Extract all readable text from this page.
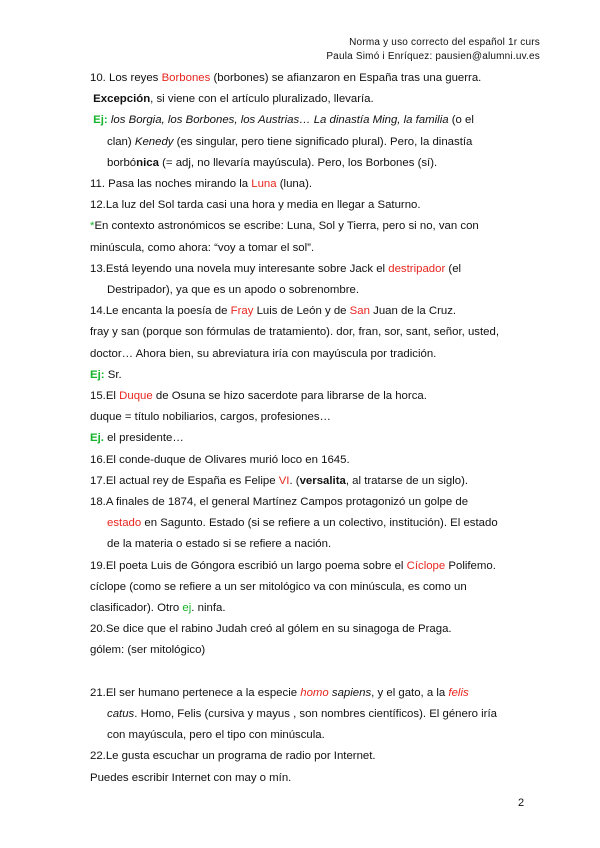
Norma y uso correcto del español 1r curs
Paula Simó i Enríquez: pausien@alumni.uv.es
10. Los reyes Borbones (borbones) se afianzaron en España tras una guerra.
Excepción, si viene con el artículo pluralizado, llevaría.
Ej: los Borgia, los Borbones, los Austrias… La dinastía Ming, la familia (o el
clan) Kenedy (es singular, pero tiene significado plural). Pero, la dinastía
borbónica (= adj, no llevaría mayúscula). Pero, los Borbones (sí).
11. Pasa las noches mirando la Luna (luna).
12.La luz del Sol tarda casi una hora y media en llegar a Saturno.
*En contexto astronómicos se escribe: Luna, Sol y Tierra, pero si no, van con
minúscula, como ahora: “voy a tomar el sol”.
13.Está leyendo una novela muy interesante sobre Jack el destripador (el
Destripador), ya que es un apodo o sobrenombre.
14.Le encanta la poesía de Fray Luis de León y de San Juan de la Cruz.
fray y san (porque son fórmulas de tratamiento). dor, fran, sor, sant, señor, usted,
doctor… Ahora bien, su abreviatura iría con mayúscula por tradición.
Ej: Sr.
15.El Duque de Osuna se hizo sacerdote para librarse de la horca.
duque = título nobiliarios, cargos, profesiones…
Ej. el presidente…
16.El conde-duque de Olivares murió loco en 1645.
17.El actual rey de España es Felipe VI. (versalita, al tratarse de un siglo).
18.A finales de 1874, el general Martínez Campos protagonizó un golpe de
estado en Sagunto. Estado (si se refiere a un colectivo, institución). El estado
de la materia o estado si se refiere a nación.
19.El poeta Luis de Góngora escribió un largo poema sobre el Cíclope Polifemo.
cíclope (como se refiere a un ser mitológico va con minúscula, es como un
clasificador). Otro ej. ninfa.
20.Se dice que el rabino Judah creó al gólem en su sinagoga de Praga.
gólem: (ser mitológico)
21.El ser humano pertenece a la especie homo sapiens, y el gato, a la felis
catus. Homo, Felis (cursiva y mayus , son nombres científicos). El género iría
con mayúscula, pero el tipo con minúscula.
22.Le gusta escuchar un programa de radio por Internet.
Puedes escribir Internet con may o mín.
2
